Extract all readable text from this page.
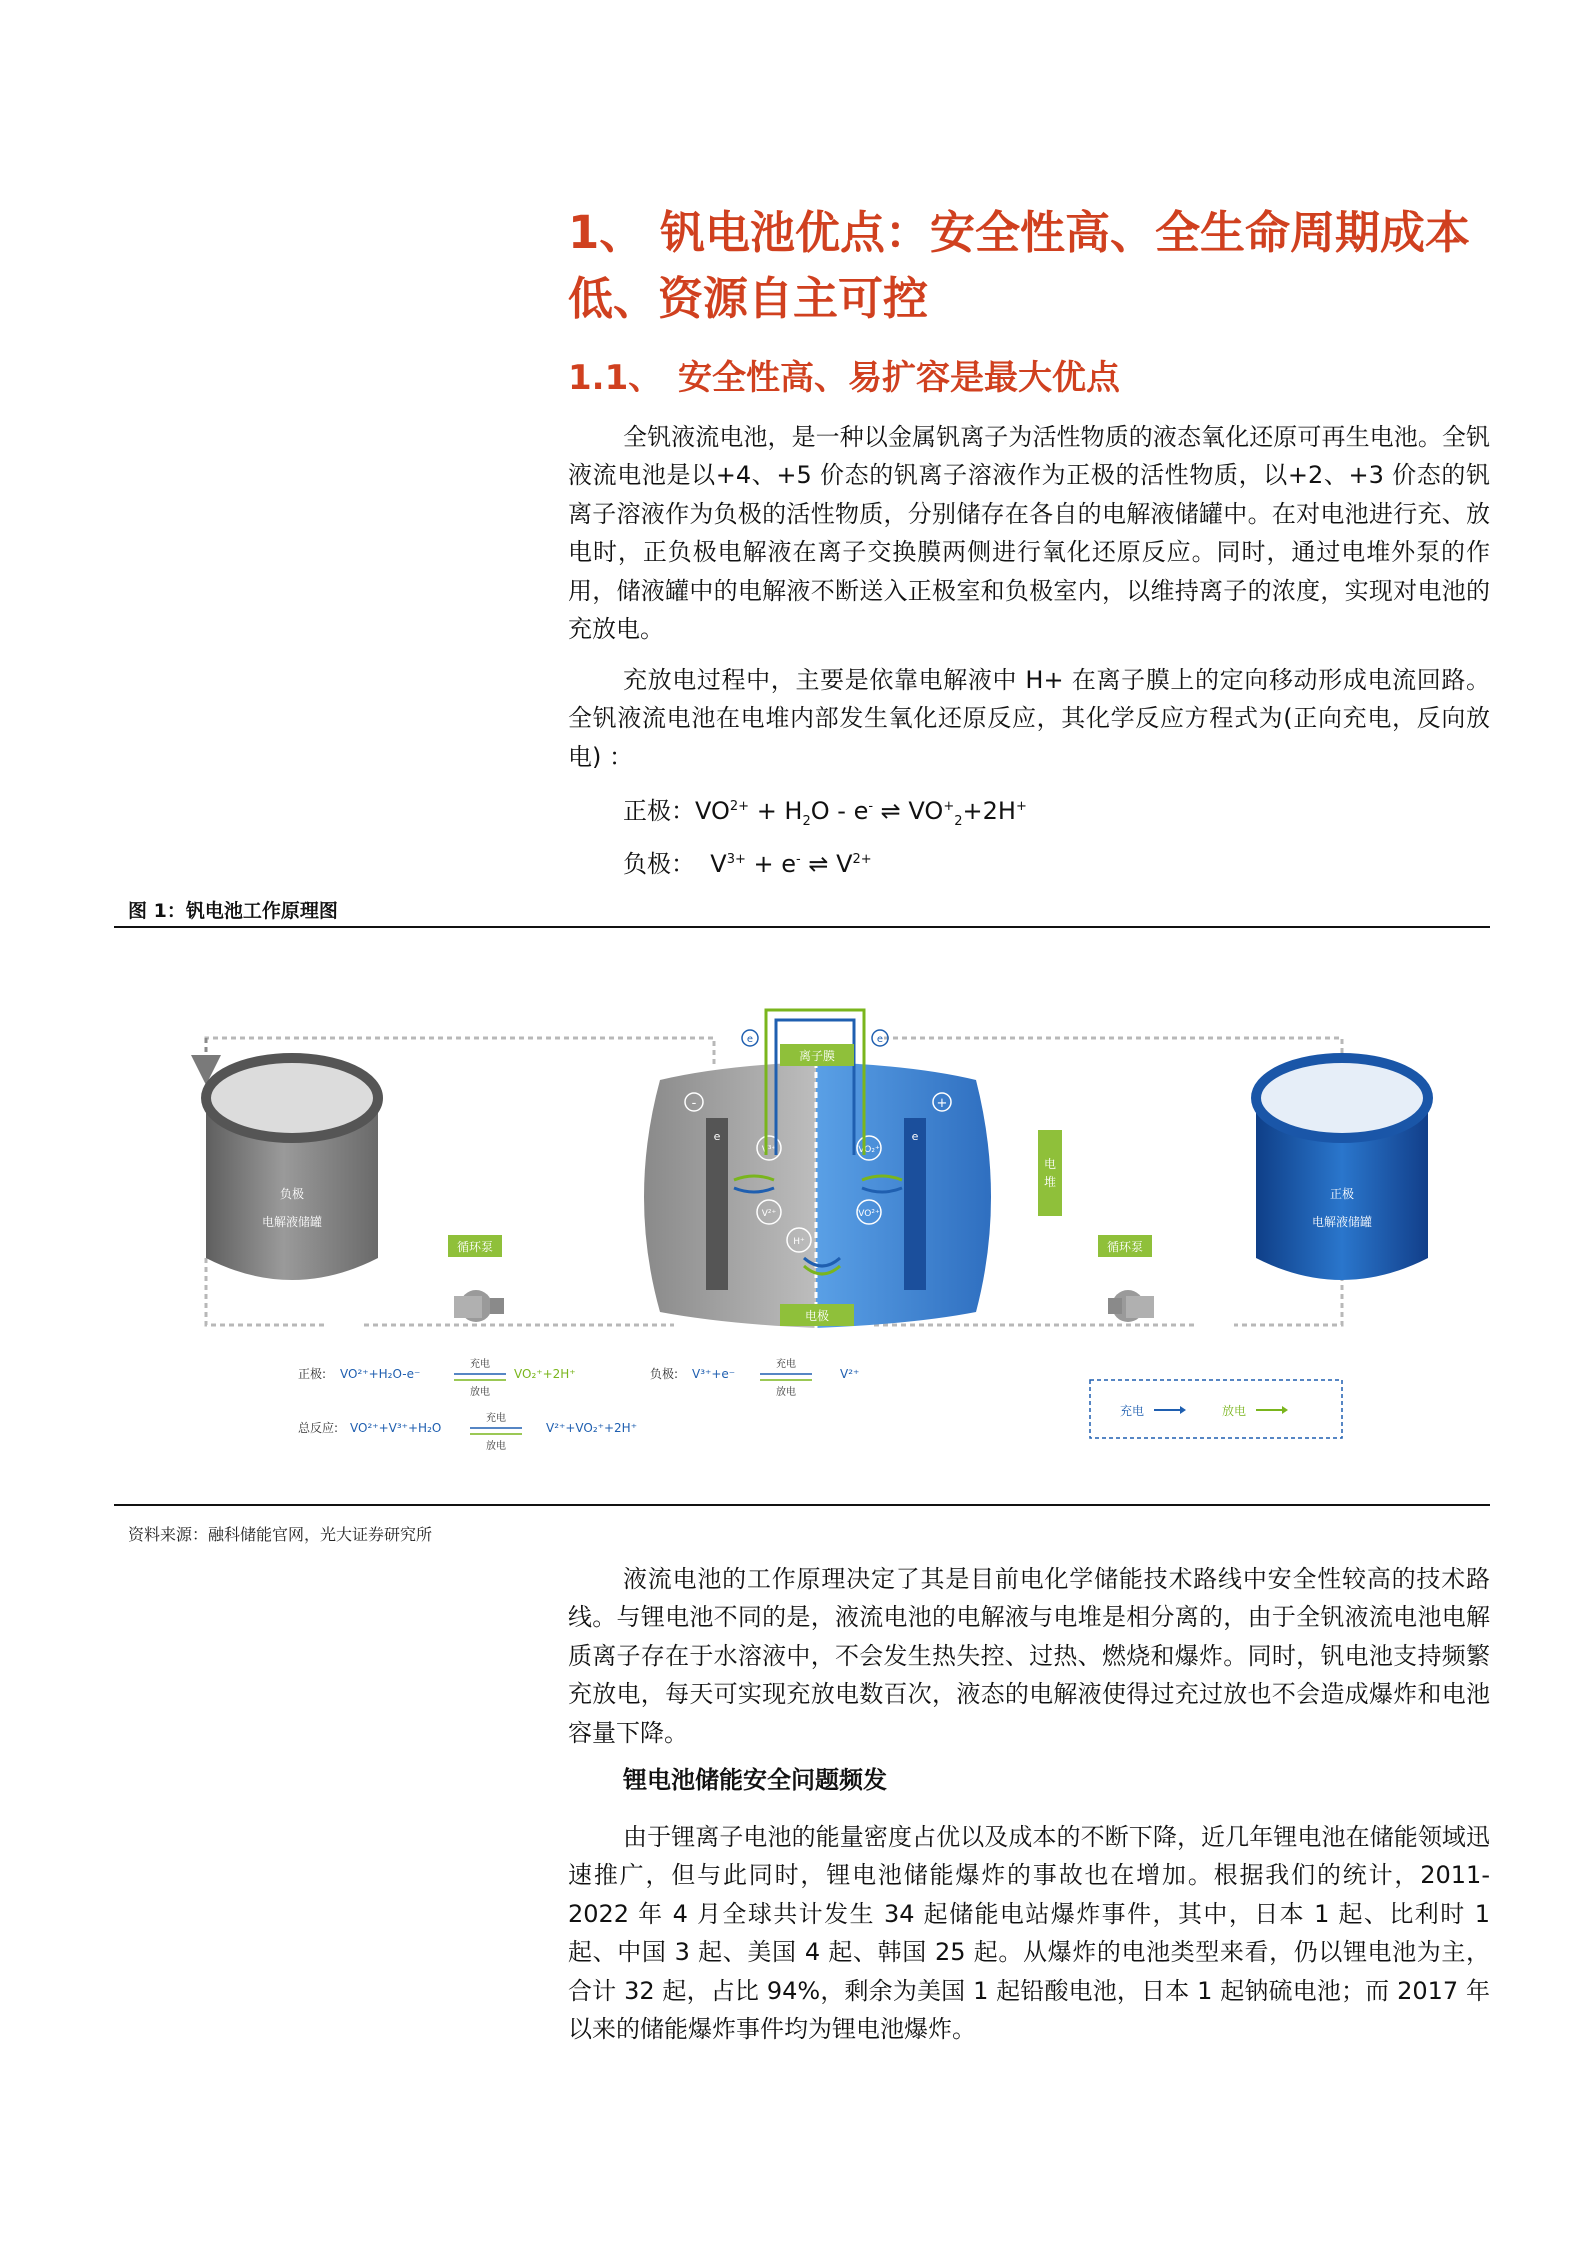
1、 钒电池优点：安全性高、全生命周期成本低、资源自主可控
1.1、 安全性高、易扩容是最大优点

全钒液流电池，是一种以金属钒离子为活性物质的液态氧化还原可再生电池。全钒液流电池是以+4、+5 价态的钒离子溶液作为正极的活性物质，以+2、+3 价态的钒离子溶液作为负极的活性物质，分别储存在各自的电解液储罐中。在对电池进行充、放电时，正负极电解液在离子交换膜两侧进行氧化还原反应。同时，通过电堆外泵的作用，储液罐中的电解液不断送入正极室和负极室内，以维持离子的浓度，实现对电池的充放电。

充放电过程中，主要是依靠电解液中 H+ 在离子膜上的定向移动形成电流回路。全钒液流电池在电堆内部发生氧化还原反应，其化学反应方程式为(正向充电，反向放电) ：

正极：$VO^{2+} + H_2O - e^-$ ⇌ $VO^+_2+2H^+$
负极： $V^{3+} + e^-$ ⇌ $V^{2+}$
图 1：钒电池工作原理图
负极
电解液储罐
正极
电解液储罐
循环泵	循环泵
e	e
-	+
V³⁺
V²⁺
H⁺
VO₂⁺
VO²⁺
e	e
离子膜
电极
电
堆
正极: VO²⁺+H₂O-e⁻
充电
放电
VO₂⁺+2H⁺	负极: V³⁺+e⁻
充电
放电
V²⁺
总反应: VO²⁺+V³⁺+H₂O
充电
放电
V²⁺+VO₂⁺+2H⁺
充电	放电
资料来源：融科储能官网，光大证券研究所

液流电池的工作原理决定了其是目前电化学储能技术路线中安全性较高的技术路线。与锂电池不同的是，液流电池的电解液与电堆是相分离的，由于全钒液流电池电解质离子存在于水溶液中，不会发生热失控、过热、燃烧和爆炸。同时，钒电池支持频繁充放电，每天可实现充放电数百次，液态的电解液使得过充过放也不会造成爆炸和电池容量下降。

锂电池储能安全问题频发

由于锂离子电池的能量密度占优以及成本的不断下降，近几年锂电池在储能领域迅速推广，但与此同时，锂电池储能爆炸的事故也在增加。根据我们的统计，2011-2022 年 4 月全球共计发生 34 起储能电站爆炸事件，其中，日本 1 起、比利时 1 起、中国 3 起、美国 4 起、韩国 25 起。从爆炸的电池类型来看，仍以锂电池为主，合计 32 起，占比 94%，剩余为美国 1 起铅酸电池，日本 1 起钠硫电池；而 2017 年以来的储能爆炸事件均为锂电池爆炸。
